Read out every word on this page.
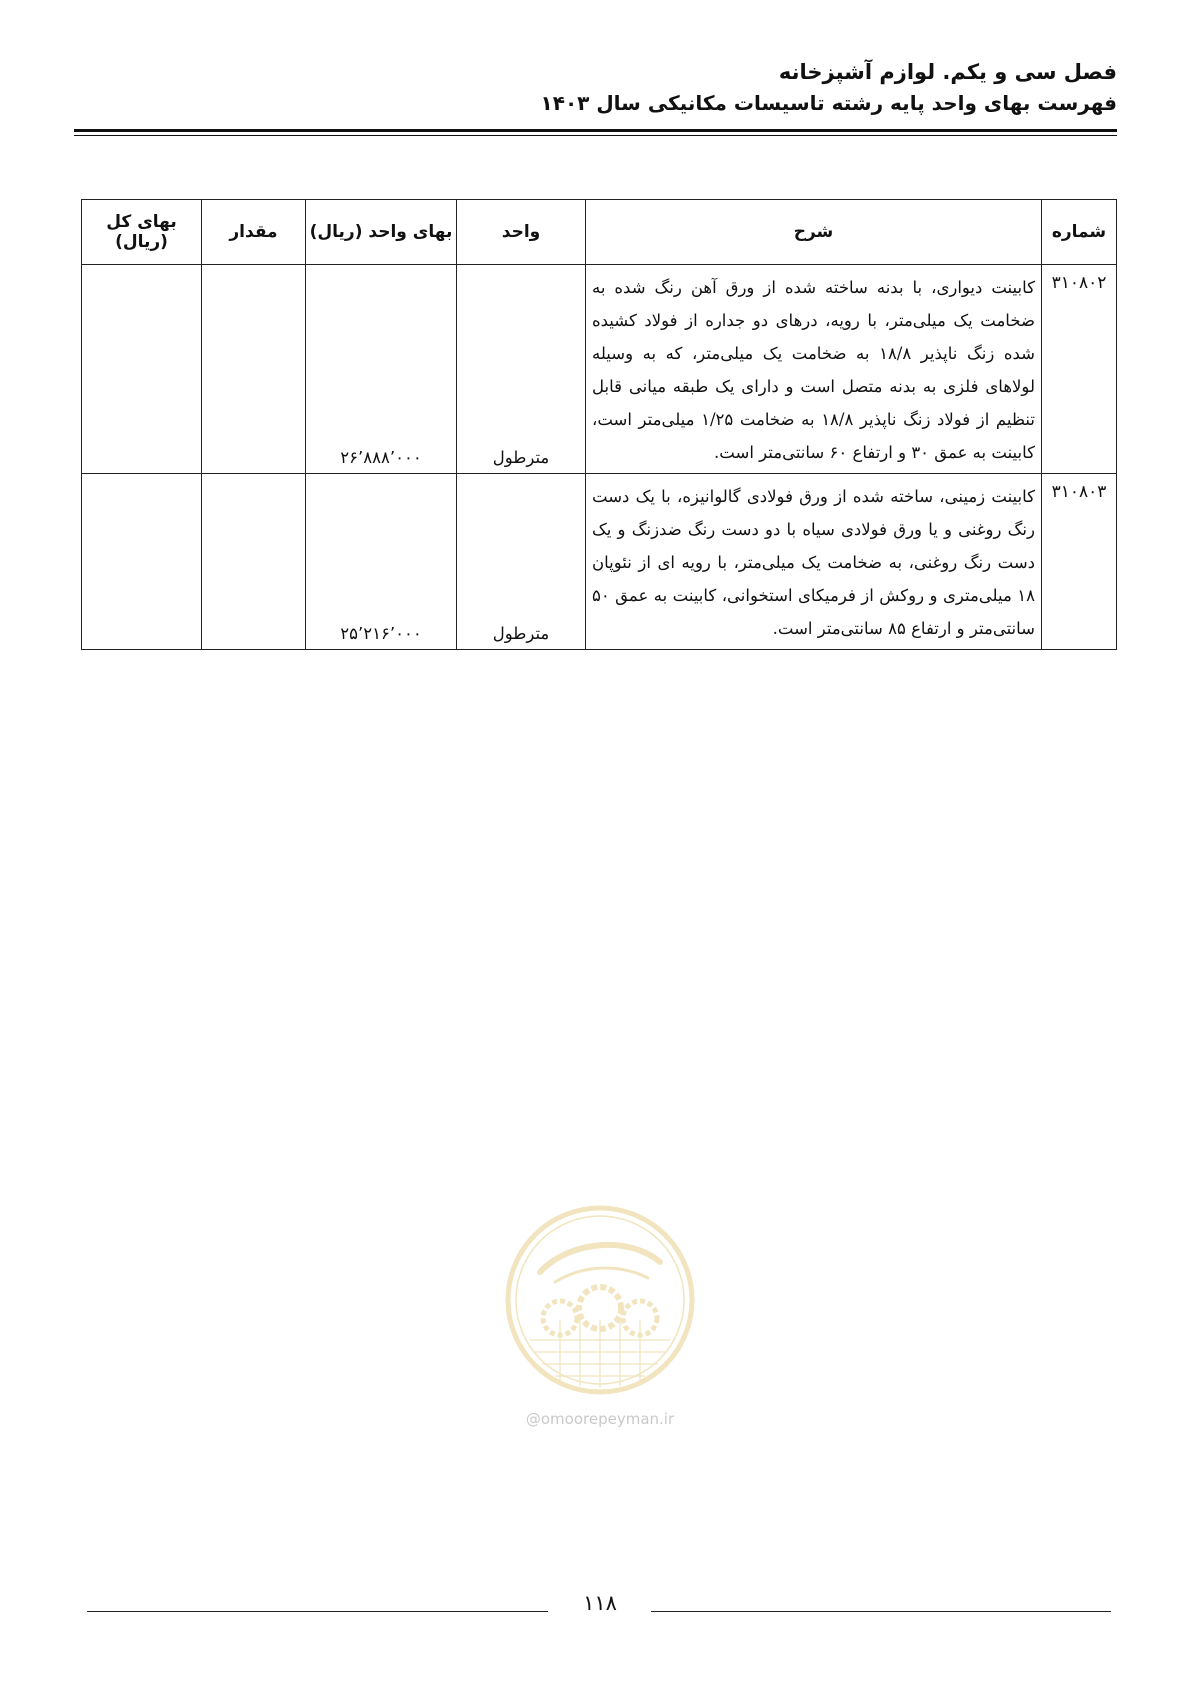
فصل سی و یکم. لوازم آشپزخانه
فهرست بهای واحد پایه رشته تاسیسات مکانیکی سال ۱۴۰۳
شماره	شرح	واحد	بهای واحد (ریال)	مقدار	بهای کل (ریال)
۳۱۰۸۰۲	کابینت دیواری، با بدنه ساخته شده از ورق آهن رنگ شده به ضخامت یک میلی‌متر، با رویه، درهای دو جداره از فولاد کشیده شده زنگ ناپذیر ۱۸/۸ به ضخامت یک میلی‌متر، که به وسیله لولاهای فلزی به بدنه متصل است و دارای یک طبقه میانی قابل تنظیم از فولاد زنگ ناپذیر ۱۸/۸ به ضخامت ۱/۲۵ میلی‌متر است، کابینت به عمق ۳۰ و ارتفاع ۶۰ سانتی‌متر است.	مترطول	۲۶٬۸۸۸٬۰۰۰		
۳۱۰۸۰۳	کابینت زمینی، ساخته شده از ورق فولادی گالوانیزه، با یک دست رنگ روغنی و یا ورق فولادی سیاه با دو دست رنگ ضدزنگ و یک دست رنگ روغنی، به ضخامت یک میلی‌متر، با رویه ای از نئوپان ۱۸ میلی‌متری و روکش از فرمیکای استخوانی، کابینت به عمق ۵۰ سانتی‌متر و ارتفاع ۸۵ سانتی‌متر است.	مترطول	۲۵٬۲۱۶٬۰۰۰		
@omoorepeyman.ir
۱۱۸
